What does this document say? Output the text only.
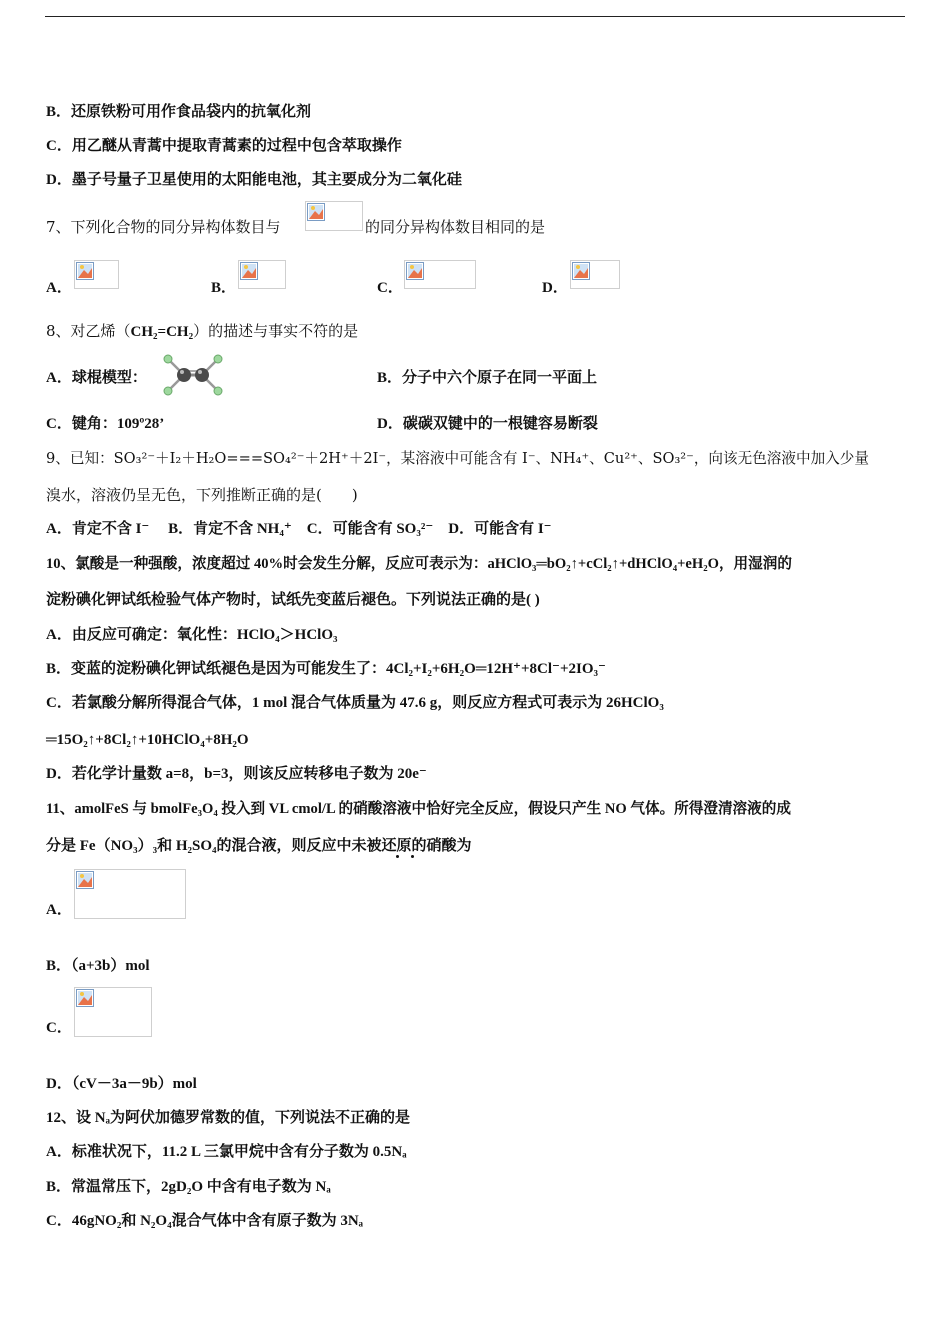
B．还原铁粉可用作食品袋内的抗氧化剂
C．用乙醚从青蒿中提取青蒿素的过程中包含萃取操作
D．墨子号量子卫星使用的太阳能电池，其主要成分为二氧化硅
7、下列化合物的同分异构体数目与	的同分异构体数目相同的是
A．	B．	C．	D．
8、对乙烯（CH₂=CH₂）的描述与事实不符的是
A．球棍模型：	B．分子中六个原子在同一平面上
C．键角：109º28’	D．碳碳双键中的一根键容易断裂
9、已知：SO₃²⁻＋I₂＋H₂O===SO₄²⁻＋2H⁺＋2I⁻，某溶液中可能含有 I⁻、NH₄⁺、Cu²⁺、SO₃²⁻，向该无色溶液中加入少量
溴水，溶液仍呈无色，下列推断正确的是(　　)
A．肯定不含 I⁻　 B．肯定不含 NH₄⁺　C．可能含有 SO₃²⁻　D．可能含有 I⁻
10、氯酸是一种强酸，浓度超过 40%时会发生分解，反应可表示为：aHClO₃═bO₂↑+cCl₂↑+dHClO₄+eH₂O，用湿润的
淀粉碘化钾试纸检验气体产物时，试纸先变蓝后褪色。下列说法正确的是( )
A．由反应可确定：氧化性：HClO₄＞HClO₃
B．变蓝的淀粉碘化钾试纸褪色是因为可能发生了：4Cl₂+I₂+6H₂O═12H⁺+8Cl⁻+2IO₃⁻
C．若氯酸分解所得混合气体，1 mol 混合气体质量为 47.6 g，则反应方程式可表示为 26HClO₃
═15O₂↑+8Cl₂↑+10HClO₄+8H₂O
D．若化学计量数 a=8，b=3，则该反应转移电子数为 20e⁻
11、amolFeS 与 bmolFe₃O₄ 投入到 VL cmol/L 的硝酸溶液中恰好完全反应，假设只产生 NO 气体。所得澄清溶液的成
分是 Fe（NO₃）₃和 H₂SO₄的混合液，则反应中未被还原的硝酸为
A．
B．（a+3b）mol
C．
D．（cV－3a－9b）mol
12、设 Nₐ为阿伏加德罗常数的值，下列说法不正确的是
A．标准状况下，11.2 L 三氯甲烷中含有分子数为 0.5Nₐ
B．常温常压下，2gD₂O 中含有电子数为 Nₐ
C．46gNO₂和 N₂O₄混合气体中含有原子数为 3Nₐ
